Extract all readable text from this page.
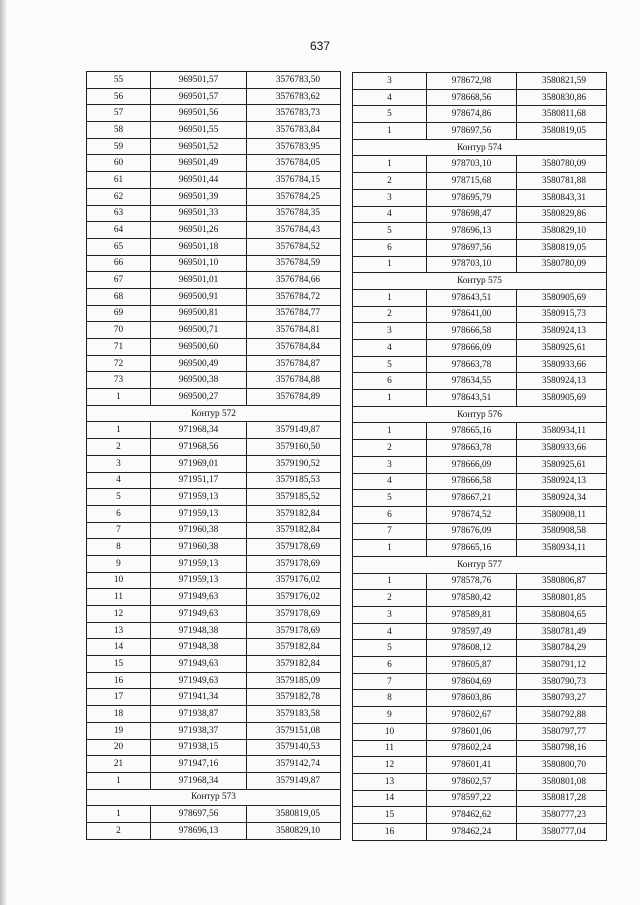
637
55	969501,57	3576783,50
56	969501,57	3576783,62
57	969501,56	3576783,73
58	969501,55	3576783,84
59	969501,52	3576783,95
60	969501,49	3576784,05
61	969501,44	3576784,15
62	969501,39	3576784,25
63	969501,33	3576784,35
64	969501,26	3576784,43
65	969501,18	3576784,52
66	969501,10	3576784,59
67	969501,01	3576784,66
68	969500,91	3576784,72
69	969500,81	3576784,77
70	969500,71	3576784,81
71	969500,60	3576784,84
72	969500,49	3576784,87
73	969500,38	3576784,88
1	969500,27	3576784,89
Контур 572		
1	971968,34	3579149,87
2	971968,56	3579160,50
3	971969,01	3579190,52
4	971951,17	3579185,53
5	971959,13	3579185,52
6	971959,13	3579182,84
7	971960,38	3579182,84
8	971960,38	3579178,69
9	971959,13	3579178,69
10	971959,13	3579176,02
11	971949,63	3579176,02
12	971949,63	3579178,69
13	971948,38	3579178,69
14	971948,38	3579182,84
15	971949,63	3579182,84
16	971949,63	3579185,09
17	971941,34	3579182,78
18	971938,87	3579183,58
19	971938,37	3579151,08
20	971938,15	3579140,53
21	971947,16	3579142,74
1	971968,34	3579149,87
Контур 573		
1	978697,56	3580819,05
2	978696,13	3580829,10
3	978672,98	3580821,59
4	978668,56	3580830,86
5	978674,86	3580811,68
1	978697,56	3580819,05
Контур 574		
1	978703,10	3580780,09
2	978715,68	3580781,88
3	978695,79	3580843,31
4	978698,47	3580829,86
5	978696,13	3580829,10
6	978697,56	3580819,05
1	978703,10	3580780,09
Контур 575		
1	978643,51	3580905,69
2	978641,00	3580915,73
3	978666,58	3580924,13
4	978666,09	3580925,61
5	978663,78	3580933,66
6	978634,55	3580924,13
1	978643,51	3580905,69
Контур 576		
1	978665,16	3580934,11
2	978663,78	3580933,66
3	978666,09	3580925,61
4	978666,58	3580924,13
5	978667,21	3580924,34
6	978674,52	3580908,11
7	978676,09	3580908,58
1	978665,16	3580934,11
Контур 577		
1	978578,76	3580806,87
2	978580,42	3580801,85
3	978589,81	3580804,65
4	978597,49	3580781,49
5	978608,12	3580784,29
6	978605,87	3580791,12
7	978604,69	3580790,73
8	978603,86	3580793,27
9	978602,67	3580792,88
10	978601,06	3580797,77
11	978602,24	3580798,16
12	978601,41	3580800,70
13	978602,57	3580801,08
14	978597,22	3580817,28
15	978462,62	3580777,23
16	978462,24	3580777,04
